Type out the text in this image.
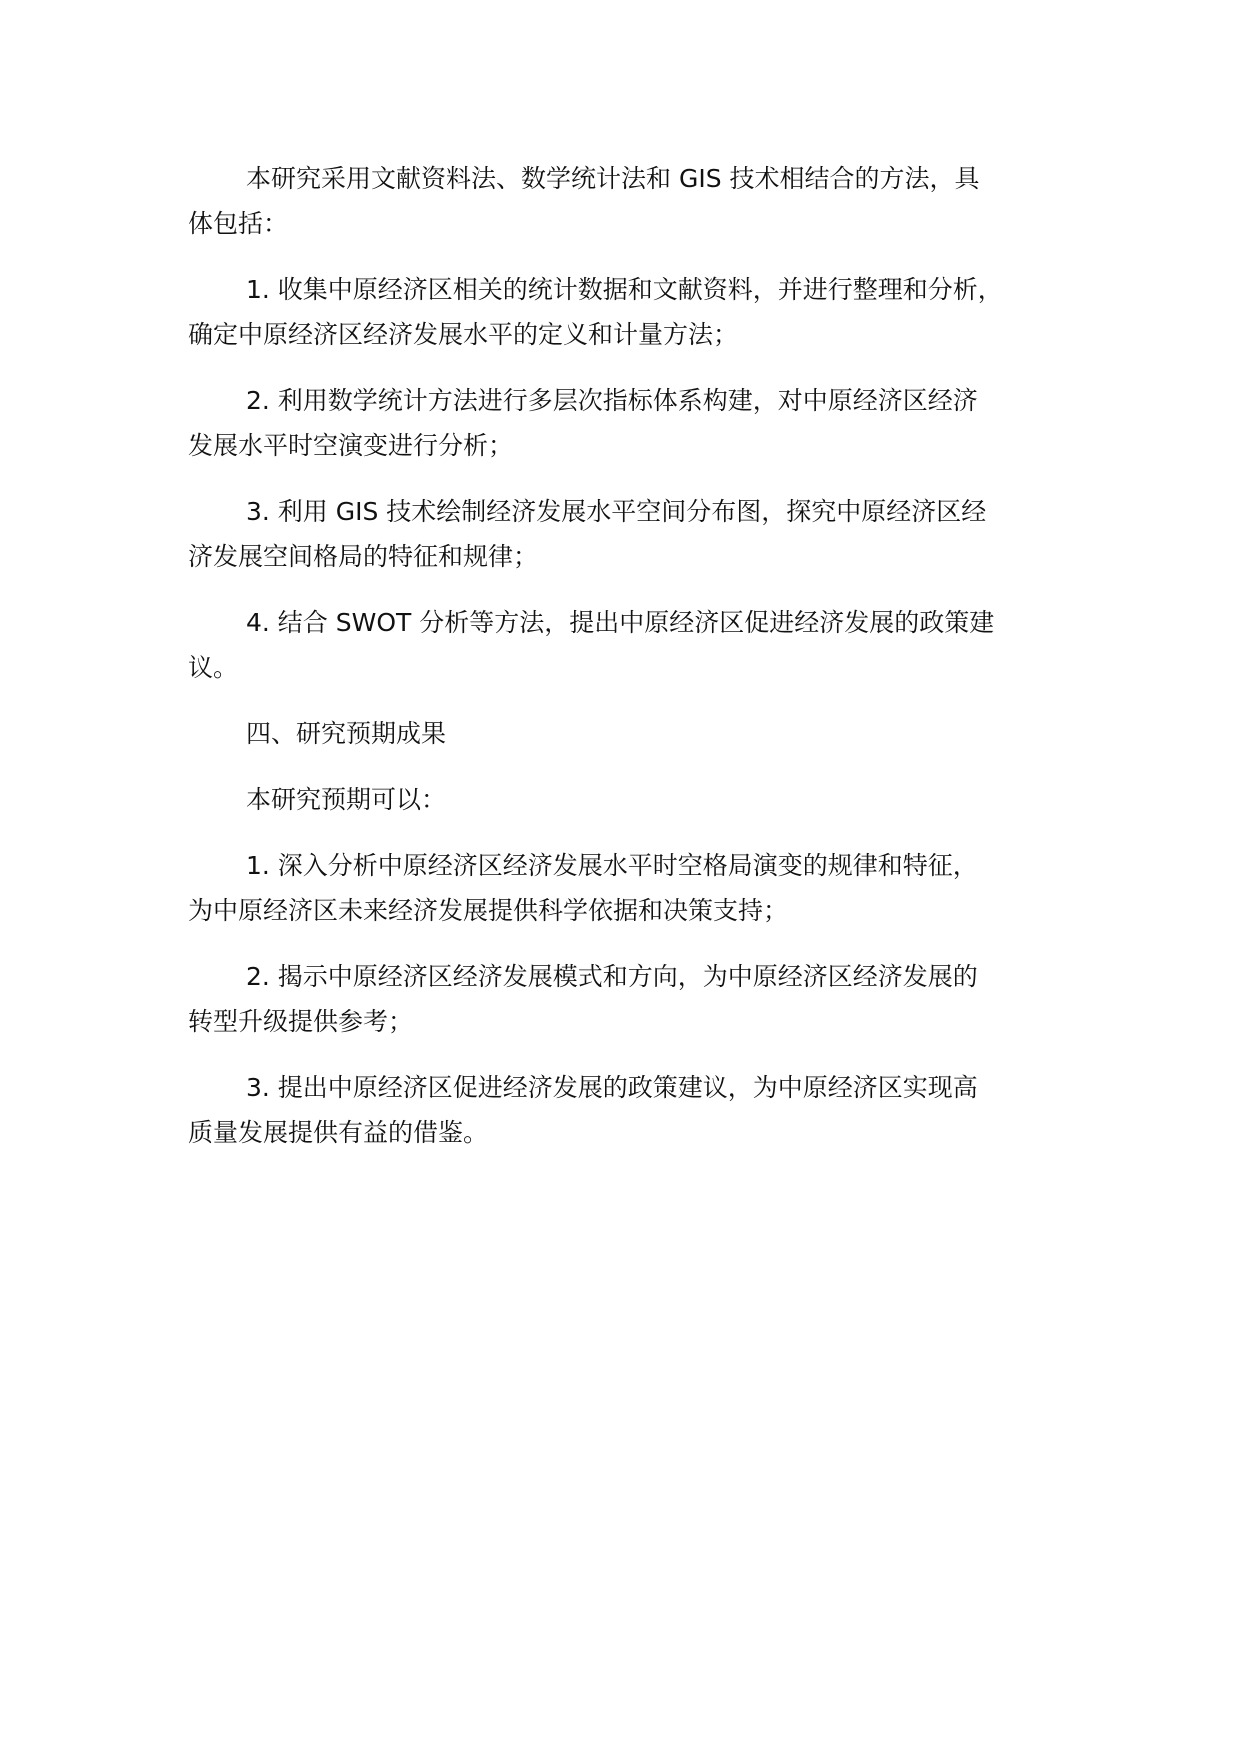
本研究采用文献资料法、数学统计法和 GIS 技术相结合的方法，具
体包括：

1. 收集中原经济区相关的统计数据和文献资料，并进行整理和分析，
确定中原经济区经济发展水平的定义和计量方法；

2. 利用数学统计方法进行多层次指标体系构建，对中原经济区经济
发展水平时空演变进行分析；

3. 利用 GIS 技术绘制经济发展水平空间分布图，探究中原经济区经
济发展空间格局的特征和规律；

4. 结合 SWOT 分析等方法，提出中原经济区促进经济发展的政策建
议。

四、研究预期成果

本研究预期可以：

1. 深入分析中原经济区经济发展水平时空格局演变的规律和特征，
为中原经济区未来经济发展提供科学依据和决策支持；

2. 揭示中原经济区经济发展模式和方向，为中原经济区经济发展的
转型升级提供参考；

3. 提出中原经济区促进经济发展的政策建议，为中原经济区实现高
质量发展提供有益的借鉴。
